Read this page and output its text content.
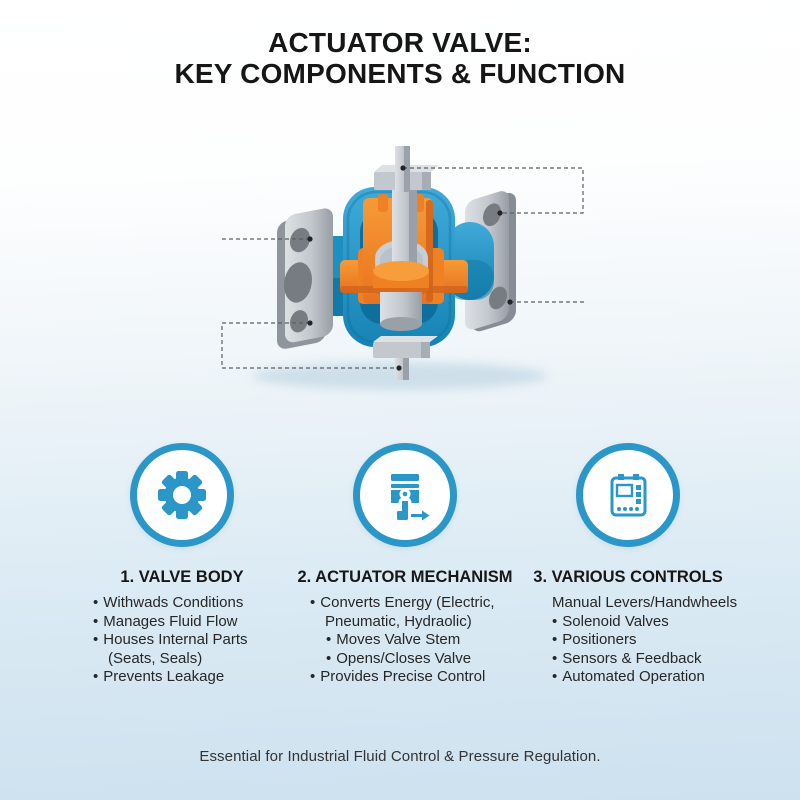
ACTUATOR VALVE:
KEY COMPONENTS & FUNCTION
1. VALVE BODY
• Withwads Conditions
• Manages Fluid Flow
• Houses Internal Parts (Seats, Seals)
• Prevents Leakage
2. ACTUATOR MECHANISM
• Converts Energy (Electric, Pneumatic, Hydraolic)
• Moves Valve Stem
• Opens/Closes Valve
• Provides Precise Control
3. VARIOUS CONTROLS
Manual Levers/Handwheels
• Solenoid Valves
• Positioners
• Sensors & Feedback
• Automated Operation
Essential for Industrial Fluid Control & Pressure Regulation.
